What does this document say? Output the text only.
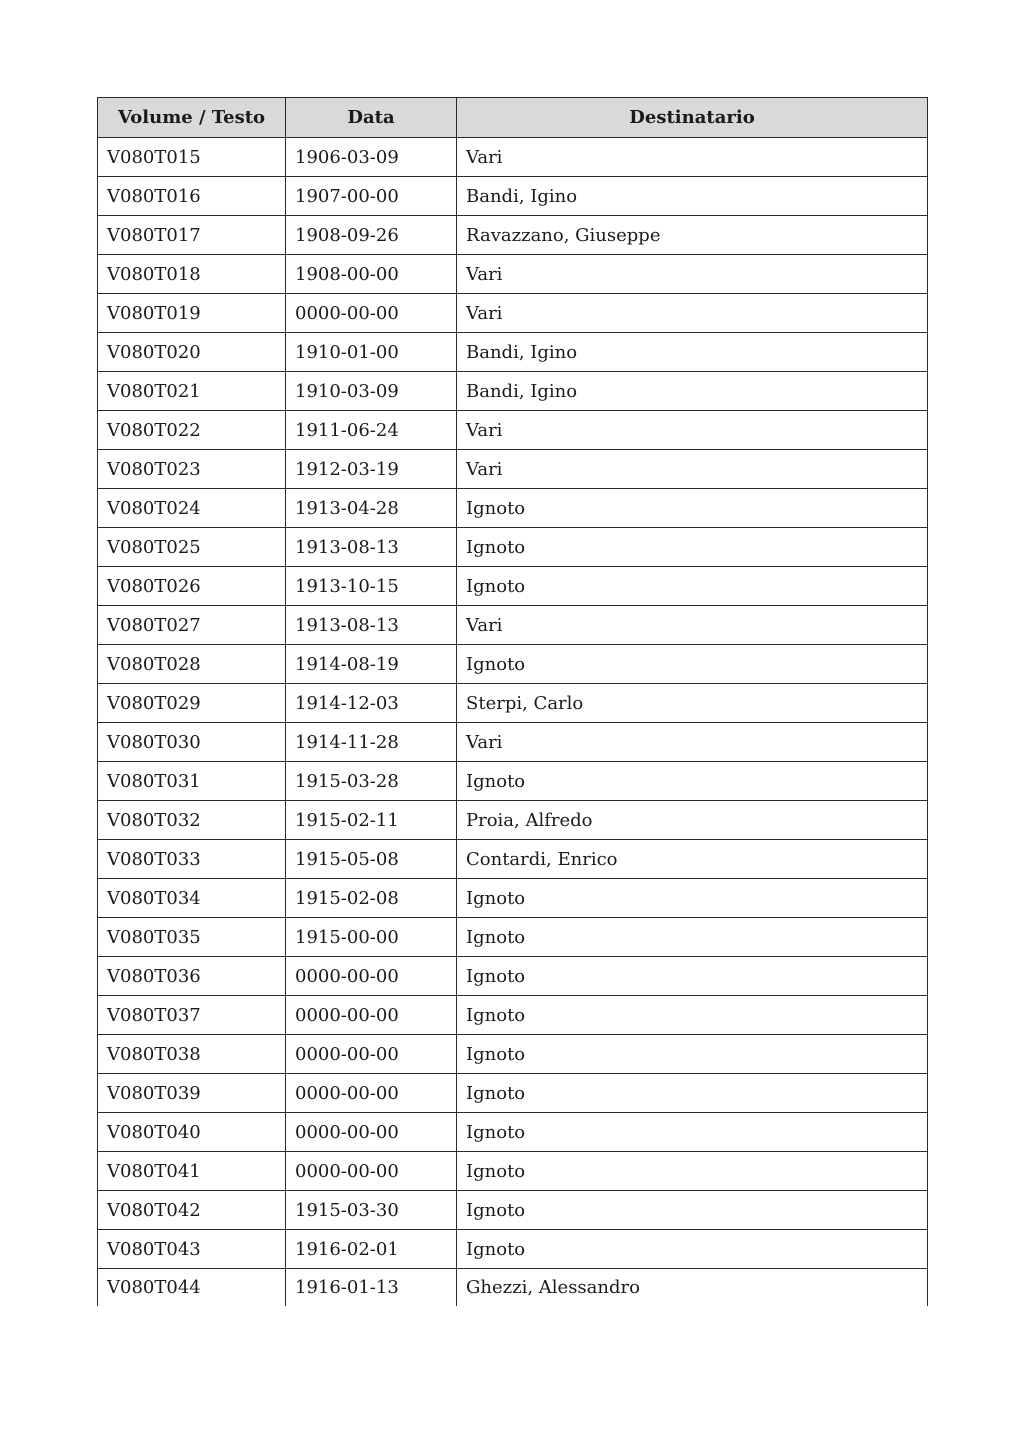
Volume / Testo	Data	Destinatario
V080T015	1906-03-09	Vari
V080T016	1907-00-00	Bandi, Igino
V080T017	1908-09-26	Ravazzano, Giuseppe
V080T018	1908-00-00	Vari
V080T019	0000-00-00	Vari
V080T020	1910-01-00	Bandi, Igino
V080T021	1910-03-09	Bandi, Igino
V080T022	1911-06-24	Vari
V080T023	1912-03-19	Vari
V080T024	1913-04-28	Ignoto
V080T025	1913-08-13	Ignoto
V080T026	1913-10-15	Ignoto
V080T027	1913-08-13	Vari
V080T028	1914-08-19	Ignoto
V080T029	1914-12-03	Sterpi, Carlo
V080T030	1914-11-28	Vari
V080T031	1915-03-28	Ignoto
V080T032	1915-02-11	Proia, Alfredo
V080T033	1915-05-08	Contardi, Enrico
V080T034	1915-02-08	Ignoto
V080T035	1915-00-00	Ignoto
V080T036	0000-00-00	Ignoto
V080T037	0000-00-00	Ignoto
V080T038	0000-00-00	Ignoto
V080T039	0000-00-00	Ignoto
V080T040	0000-00-00	Ignoto
V080T041	0000-00-00	Ignoto
V080T042	1915-03-30	Ignoto
V080T043	1916-02-01	Ignoto
V080T044	1916-01-13	Ghezzi, Alessandro
